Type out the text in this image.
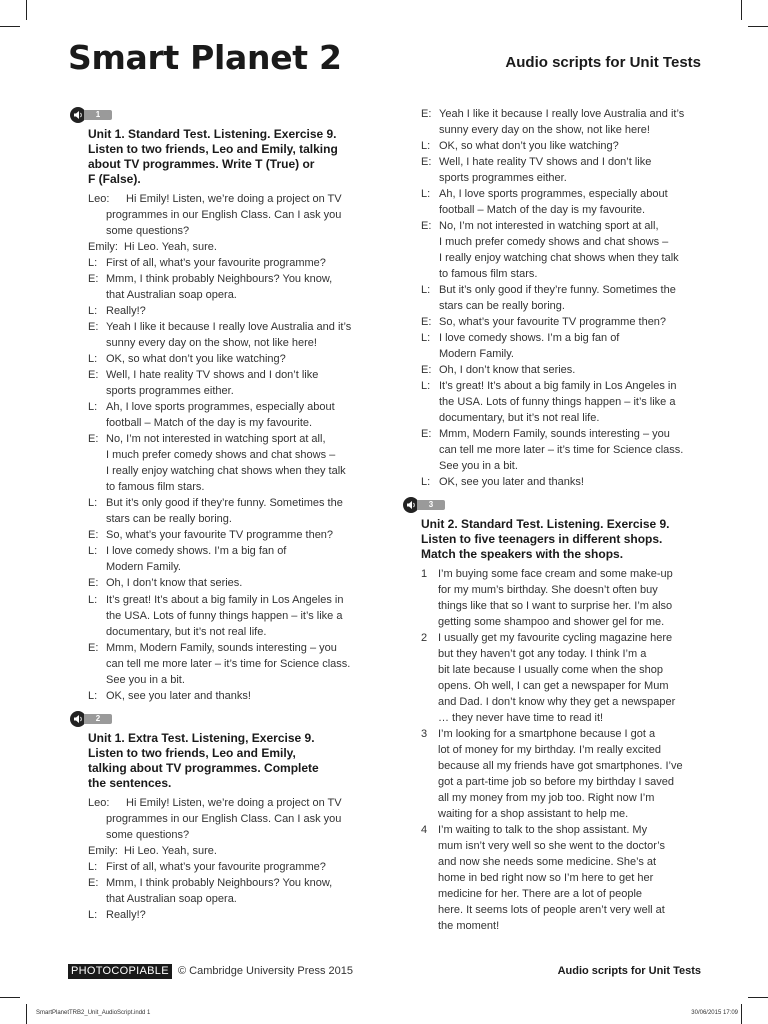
Smart Planet 2	Audio scripts for Unit Tests
1
Unit 1. Standard Test. Listening. Exercise 9.
Listen to two friends, Leo and Emily, talking
about TV programmes. Write T (True) or
F (False).
Leo: Hi Emily! Listen, we’re doing a project on TV
programmes in our English Class. Can I ask you
some questions?
Emily: Hi Leo. Yeah, sure.
L: First of all, what’s your favourite programme?
E: Mmm, I think probably Neighbours? You know,
that Australian soap opera.
L: Really!?
E: Yeah I like it because I really love Australia and it’s
sunny every day on the show, not like here!
L: OK, so what don’t you like watching?
E: Well, I hate reality TV shows and I don’t like
sports programmes either.
L: Ah, I love sports programmes, especially about
football – Match of the day is my favourite.
E: No, I’m not interested in watching sport at all,
I much prefer comedy shows and chat shows –
I really enjoy watching chat shows when they talk
to famous film stars.
L: But it’s only good if they’re funny. Sometimes the
stars can be really boring.
E: So, what’s your favourite TV programme then?
L: I love comedy shows. I’m a big fan of
Modern Family.
E: Oh, I don’t know that series.
L: It’s great! It’s about a big family in Los Angeles in
the USA. Lots of funny things happen – it’s like a
documentary, but it’s not real life.
E: Mmm, Modern Family, sounds interesting – you
can tell me more later – it’s time for Science class.
See you in a bit.
L: OK, see you later and thanks!
2
Unit 1. Extra Test. Listening, Exercise 9.
Listen to two friends, Leo and Emily,
talking about TV programmes. Complete
the sentences.
Leo: Hi Emily! Listen, we’re doing a project on TV
programmes in our English Class. Can I ask you
some questions?
Emily: Hi Leo. Yeah, sure.
L: First of all, what’s your favourite programme?
E: Mmm, I think probably Neighbours? You know,
that Australian soap opera.
L: Really!?
E: Yeah I like it because I really love Australia and it’s
sunny every day on the show, not like here!
L: OK, so what don’t you like watching?
E: Well, I hate reality TV shows and I don’t like
sports programmes either.
L: Ah, I love sports programmes, especially about
football – Match of the day is my favourite.
E: No, I’m not interested in watching sport at all,
I much prefer comedy shows and chat shows –
I really enjoy watching chat shows when they talk
to famous film stars.
L: But it’s only good if they’re funny. Sometimes the
stars can be really boring.
E: So, what’s your favourite TV programme then?
L: I love comedy shows. I’m a big fan of
Modern Family.
E: Oh, I don’t know that series.
L: It’s great! It’s about a big family in Los Angeles in
the USA. Lots of funny things happen – it’s like a
documentary, but it’s not real life.
E: Mmm, Modern Family, sounds interesting – you
can tell me more later – it’s time for Science class.
See you in a bit.
L: OK, see you later and thanks!
3
Unit 2. Standard Test. Listening. Exercise 9.
Listen to five teenagers in different shops.
Match the speakers with the shops.
1 I’m buying some face cream and some make-up
for my mum’s birthday. She doesn’t often buy
things like that so I want to surprise her. I’m also
getting some shampoo and shower gel for me.
2 I usually get my favourite cycling magazine here
but they haven’t got any today. I think I’m a
bit late because I usually come when the shop
opens. Oh well, I can get a newspaper for Mum
and Dad. I don’t know why they get a newspaper
… they never have time to read it!
3 I’m looking for a smartphone because I got a
lot of money for my birthday. I’m really excited
because all my friends have got smartphones. I’ve
got a part-time job so before my birthday I saved
all my money from my job too. Right now I’m
waiting for a shop assistant to help me.
4 I’m waiting to talk to the shop assistant. My
mum isn’t very well so she went to the doctor’s
and now she needs some medicine. She’s at
home in bed right now so I’m here to get her
medicine for her. There are a lot of people
here. It seems lots of people aren’t very well at
the moment!
PHOTOCOPIABLE © Cambridge University Press 2015	Audio scripts for Unit Tests
SmartPlanetTRB2_Unit_AudioScript.indd 1	30/06/2015 17:09
